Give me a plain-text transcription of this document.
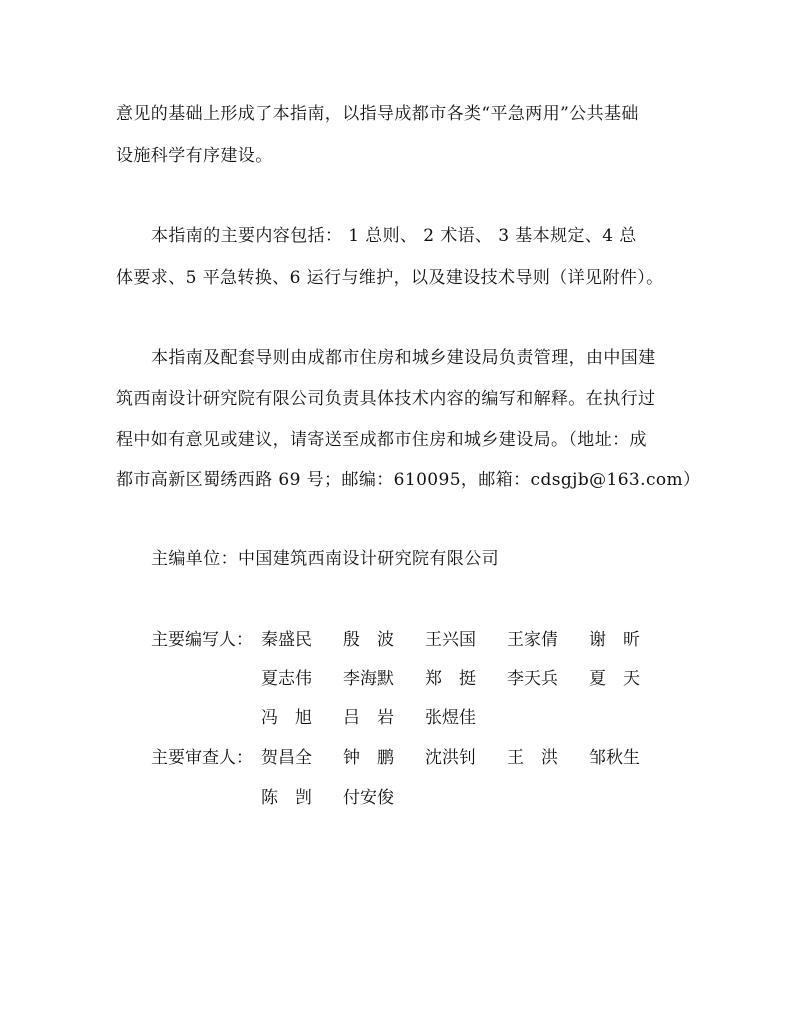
意见的基础上形成了本指南，以指导成都市各类“平急两用”公共基础
设施科学有序建设。
本指南的主要内容包括： 1 总则、 2 术语、 3 基本规定、4 总
体要求、5 平急转换、6 运行与维护，以及建设技术导则（详见附件）。
本指南及配套导则由成都市住房和城乡建设局负责管理，由中国建
筑西南设计研究院有限公司负责具体技术内容的编写和解释。在执行过
程中如有意见或建议，请寄送至成都市住房和城乡建设局。（地址：成
都市高新区蜀绣西路 69 号；邮编：610095，邮箱：cdsgjb@163.com）
主编单位：中国建筑西南设计研究院有限公司
主要编写人： 秦盛民 殷　波 王兴国 王家倩 谢　昕
夏志伟 李海默 郑　挺 李天兵 夏　天
冯　旭 吕　岩 张煜佳
主要审查人： 贺昌全 钟　鹏 沈洪钊 王　洪 邹秋生
陈　剀 付安俊
